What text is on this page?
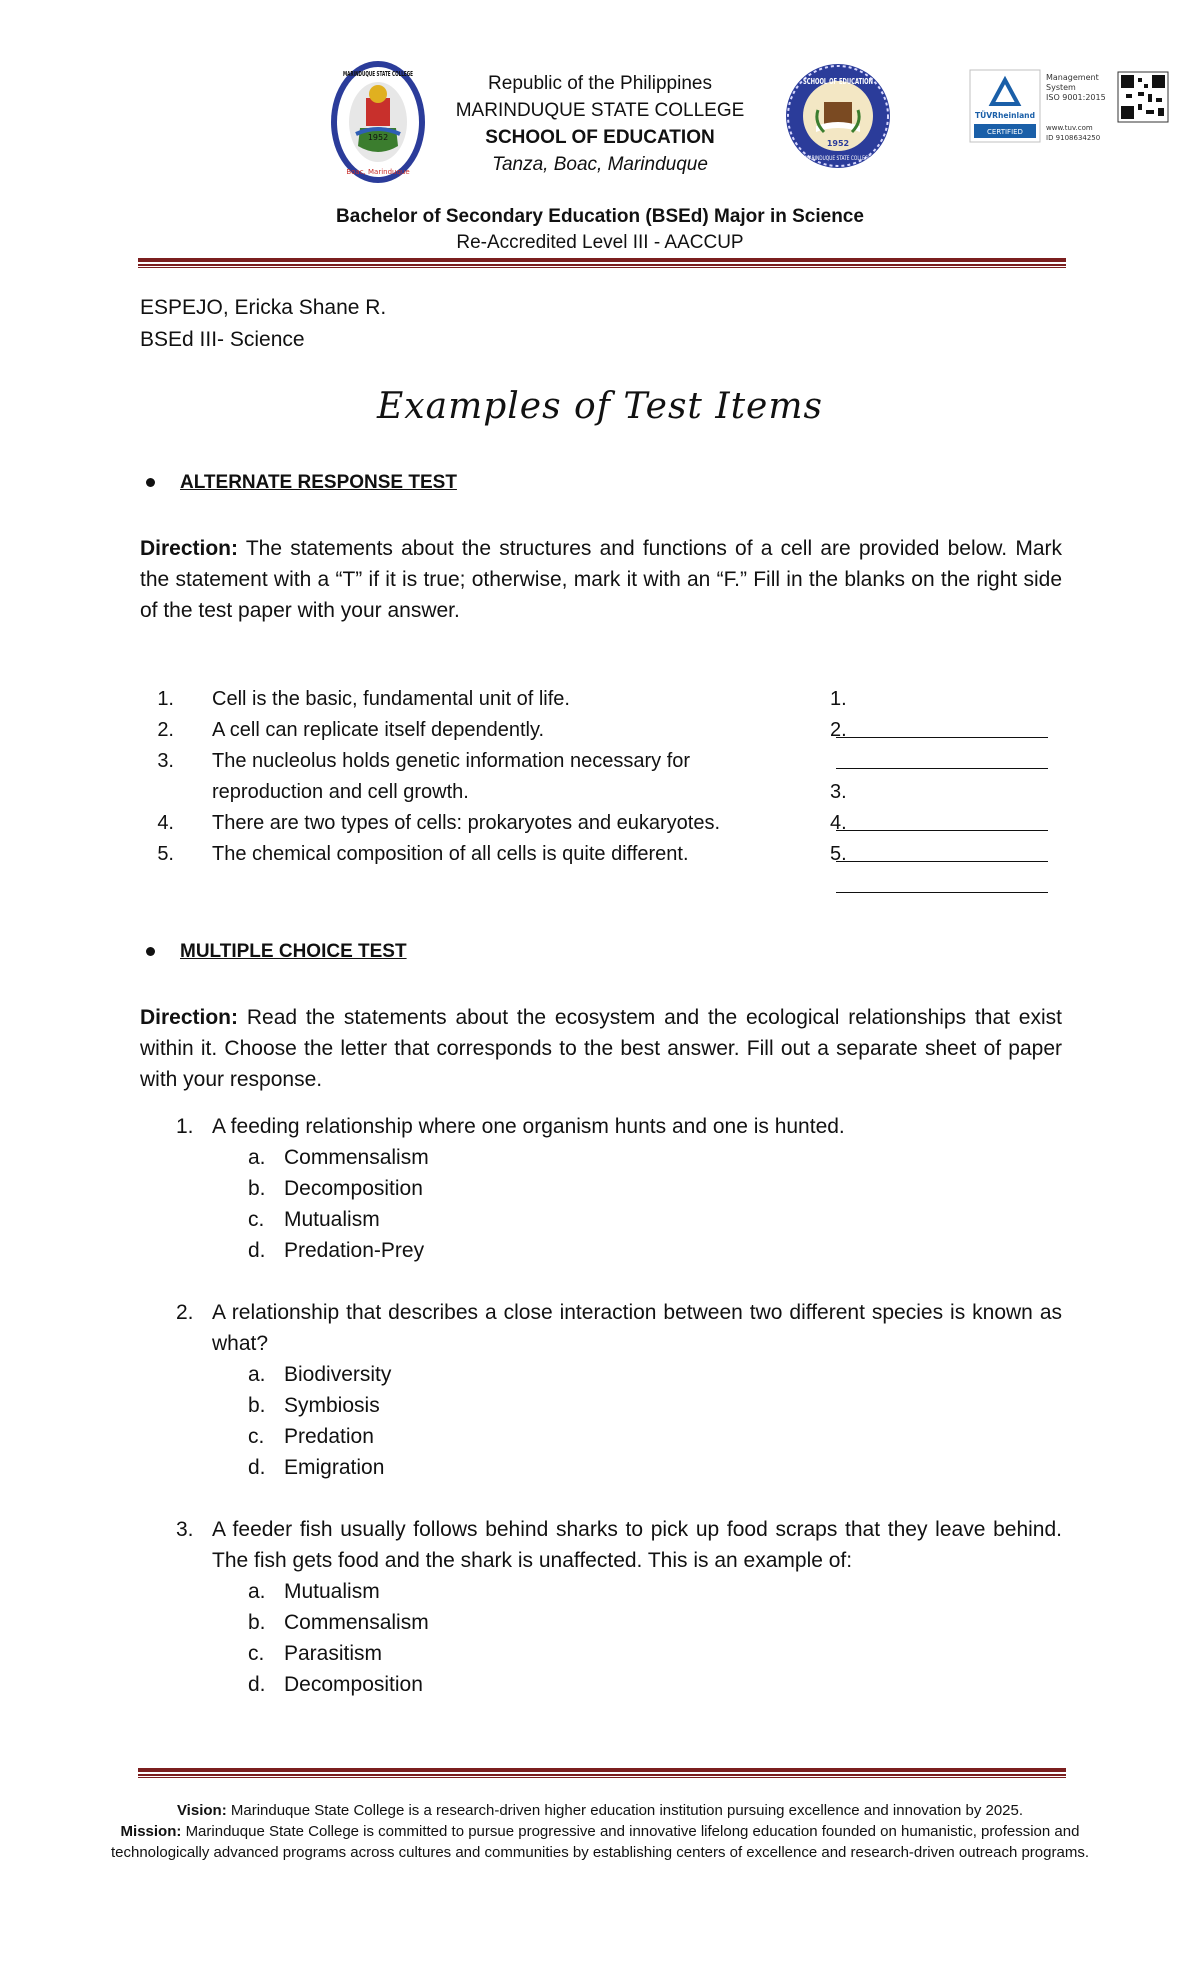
1952
MARINDUQUE STATE COLLEGE
Boac, Marinduque
Republic of the Philippines
MARINDUQUE STATE COLLEGE
SCHOOL OF EDUCATION
Tanza, Boac, Marinduque
SCHOOL OF EDUCATION
1952
MARINDUQUE STATE COLLEGE
TÜVRheinland
CERTIFIED
Management
System
ISO 9001:2015
www.tuv.com
ID 9108634250
Bachelor of Secondary Education (BSEd) Major in Science
Re-Accredited Level III - AACCUP
ESPEJO, Ericka Shane R.
BSEd III- Science
Examples of Test Items
ALTERNATE RESPONSE TEST
Direction: The statements about the structures and functions of a cell are provided below. Mark the statement with a “T” if it is true; otherwise, mark it with an “F.” Fill in the blanks on the right side of the test paper with your answer.
1. Cell is the basic, fundamental unit of life.	1.
2. A cell can replicate itself dependently.	2.
3. The nucleolus holds genetic information necessary for reproduction and cell growth.	3.
4. There are two types of cells: prokaryotes and eukaryotes.	4.
5. The chemical composition of all cells is quite different.	5.
MULTIPLE CHOICE TEST
Direction: Read the statements about the ecosystem and the ecological relationships that exist within it. Choose the letter that corresponds to the best answer. Fill out a separate sheet of paper with your response.
1. A feeding relationship where one organism hunts and one is hunted.
a. Commensalism
b. Decomposition
c. Mutualism
d. Predation-Prey
2. A relationship that describes a close interaction between two different species is known as what?
a. Biodiversity
b. Symbiosis
c. Predation
d. Emigration
3. A feeder fish usually follows behind sharks to pick up food scraps that they leave behind. The fish gets food and the shark is unaffected. This is an example of:
a. Mutualism
b. Commensalism
c. Parasitism
d. Decomposition
Vision: Marinduque State College is a research-driven higher education institution pursuing excellence and innovation by 2025.
Mission: Marinduque State College is committed to pursue progressive and innovative lifelong education founded on humanistic, profession and technologically advanced programs across cultures and communities by establishing centers of excellence and research-driven outreach programs.
